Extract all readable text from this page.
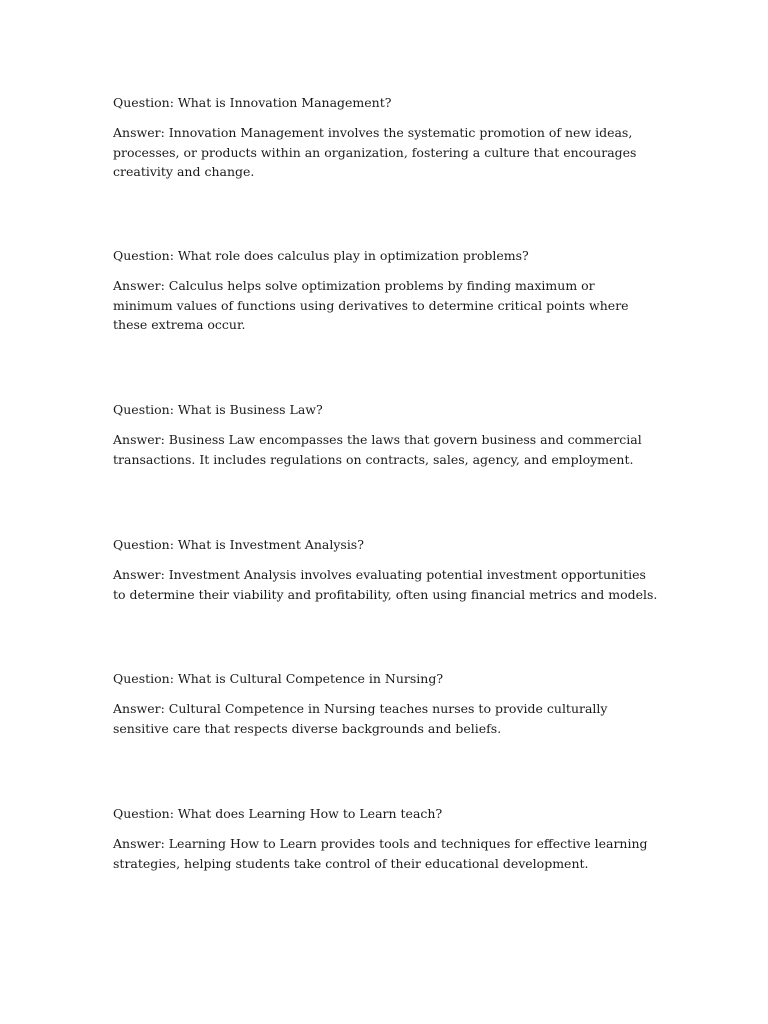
Question: What is Innovation Management?

Answer: Innovation Management involves the systematic promotion of new ideas, processes, or products within an organization, fostering a culture that encourages creativity and change.

Question: What role does calculus play in optimization problems?

Answer: Calculus helps solve optimization problems by finding maximum or minimum values of functions using derivatives to determine critical points where these extrema occur.

Question: What is Business Law?

Answer: Business Law encompasses the laws that govern business and commercial transactions. It includes regulations on contracts, sales, agency, and employment.

Question: What is Investment Analysis?

Answer: Investment Analysis involves evaluating potential investment opportunities to determine their viability and profitability, often using financial metrics and models.

Question: What is Cultural Competence in Nursing?

Answer: Cultural Competence in Nursing teaches nurses to provide culturally sensitive care that respects diverse backgrounds and beliefs.

Question: What does Learning How to Learn teach?

Answer: Learning How to Learn provides tools and techniques for effective learning strategies, helping students take control of their educational development.
